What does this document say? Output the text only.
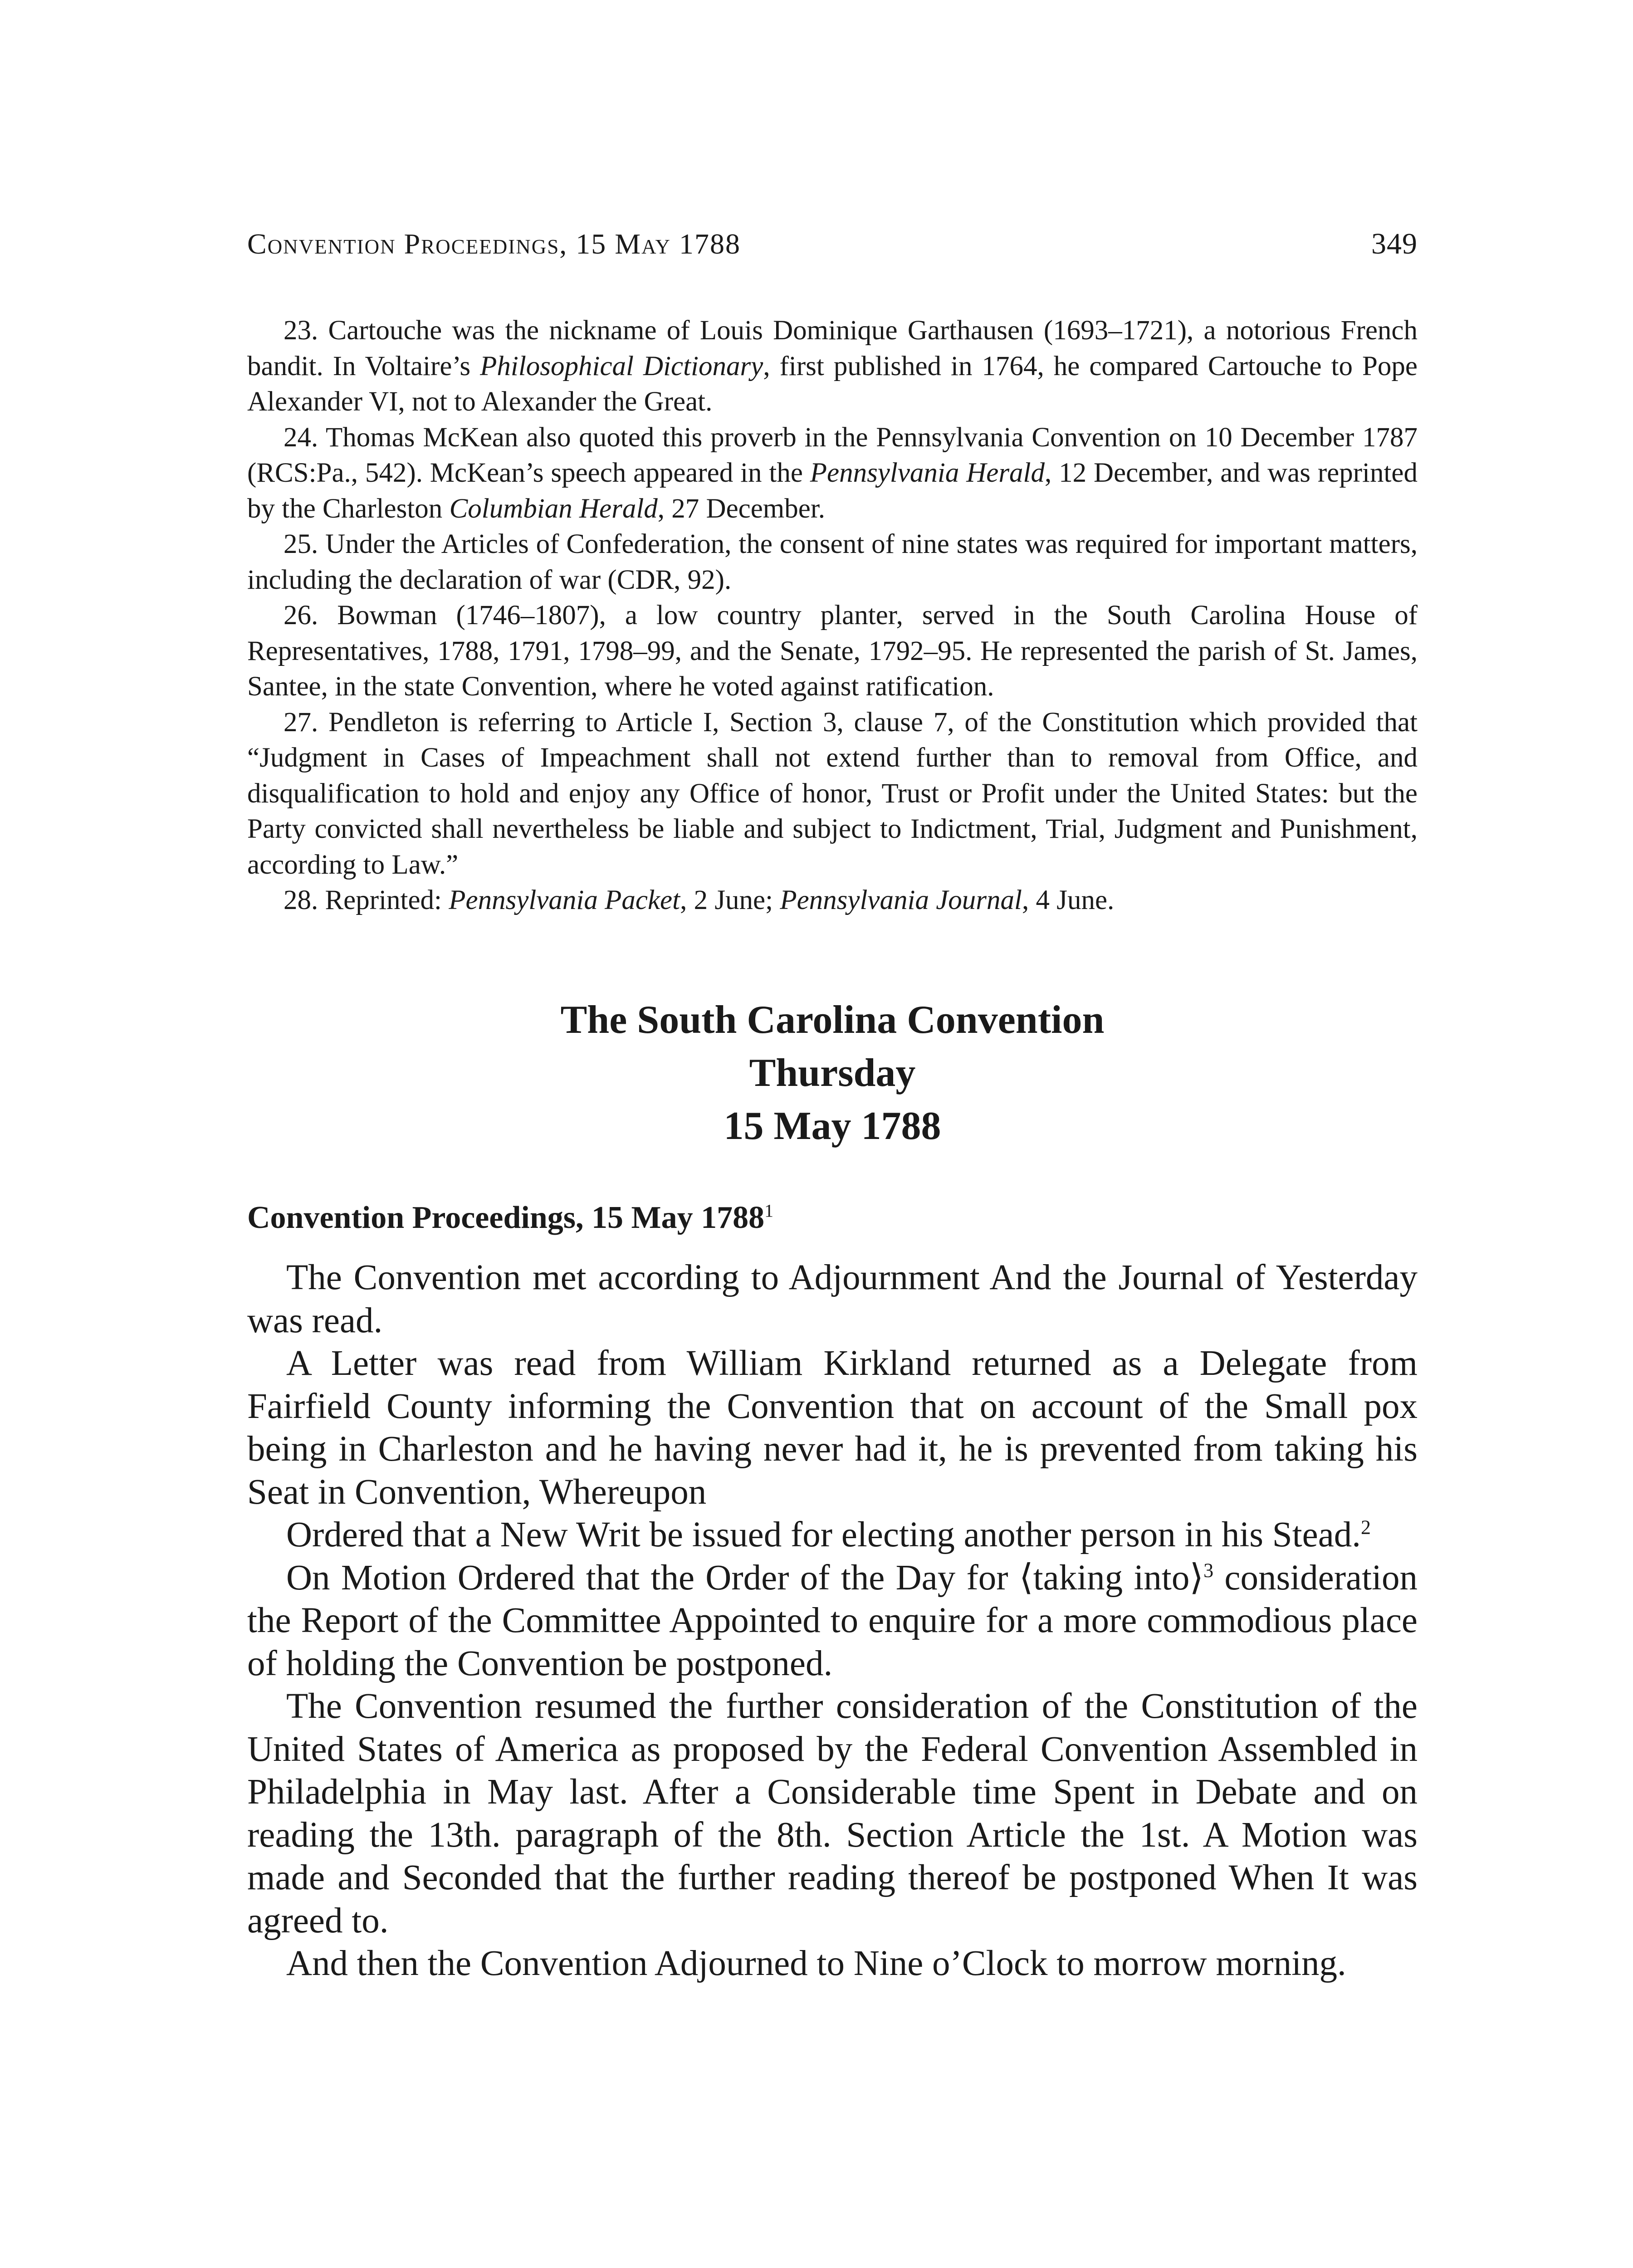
Convention Proceedings, 15 May 1788	349

23. Cartouche was the nickname of Louis Dominique Garthausen (1693–1721), a notorious French bandit. In Voltaire’s Philosophical Dictionary, first published in 1764, he compared Cartouche to Pope Alexander VI, not to Alexander the Great.

24. Thomas McKean also quoted this proverb in the Pennsylvania Convention on 10 December 1787 (RCS:Pa., 542). McKean’s speech appeared in the Pennsylvania Herald, 12 December, and was reprinted by the Charleston Columbian Herald, 27 December.

25. Under the Articles of Confederation, the consent of nine states was required for important matters, including the declaration of war (CDR, 92).

26. Bowman (1746–1807), a low country planter, served in the South Carolina House of Representatives, 1788, 1791, 1798–99, and the Senate, 1792–95. He represented the parish of St. James, Santee, in the state Convention, where he voted against ratification.

27. Pendleton is referring to Article I, Section 3, clause 7, of the Constitution which provided that “Judgment in Cases of Impeachment shall not extend further than to removal from Office, and disqualification to hold and enjoy any Office of honor, Trust or Profit under the United States: but the Party convicted shall nevertheless be liable and subject to Indictment, Trial, Judgment and Punishment, according to Law.”

28. Reprinted: Pennsylvania Packet, 2 June; Pennsylvania Journal, 4 June.

The South Carolina Convention
Thursday
15 May 1788
Convention Proceedings, 15 May 1788$^1$

The Convention met according to Adjournment And the Journal of Yesterday was read.

A Letter was read from William Kirkland returned as a Delegate from Fairfield County informing the Convention that on account of the Small pox being in Charleston and he having never had it, he is prevented from taking his Seat in Convention, Whereupon

Ordered that a New Writ be issued for electing another person in his Stead.$^2$

On Motion Ordered that the Order of the Day for ⟨taking into⟩$^3$ consideration the Report of the Committee Appointed to enquire for a more commodious place of holding the Convention be postponed.

The Convention resumed the further consideration of the Constitution of the United States of America as proposed by the Federal Convention Assembled in Philadelphia in May last. After a Considerable time Spent in Debate and on reading the 13th. paragraph of the 8th. Section Article the 1st. A Motion was made and Seconded that the further reading thereof be postponed When It was agreed to.

And then the Convention Adjourned to Nine o’Clock to morrow morning.
